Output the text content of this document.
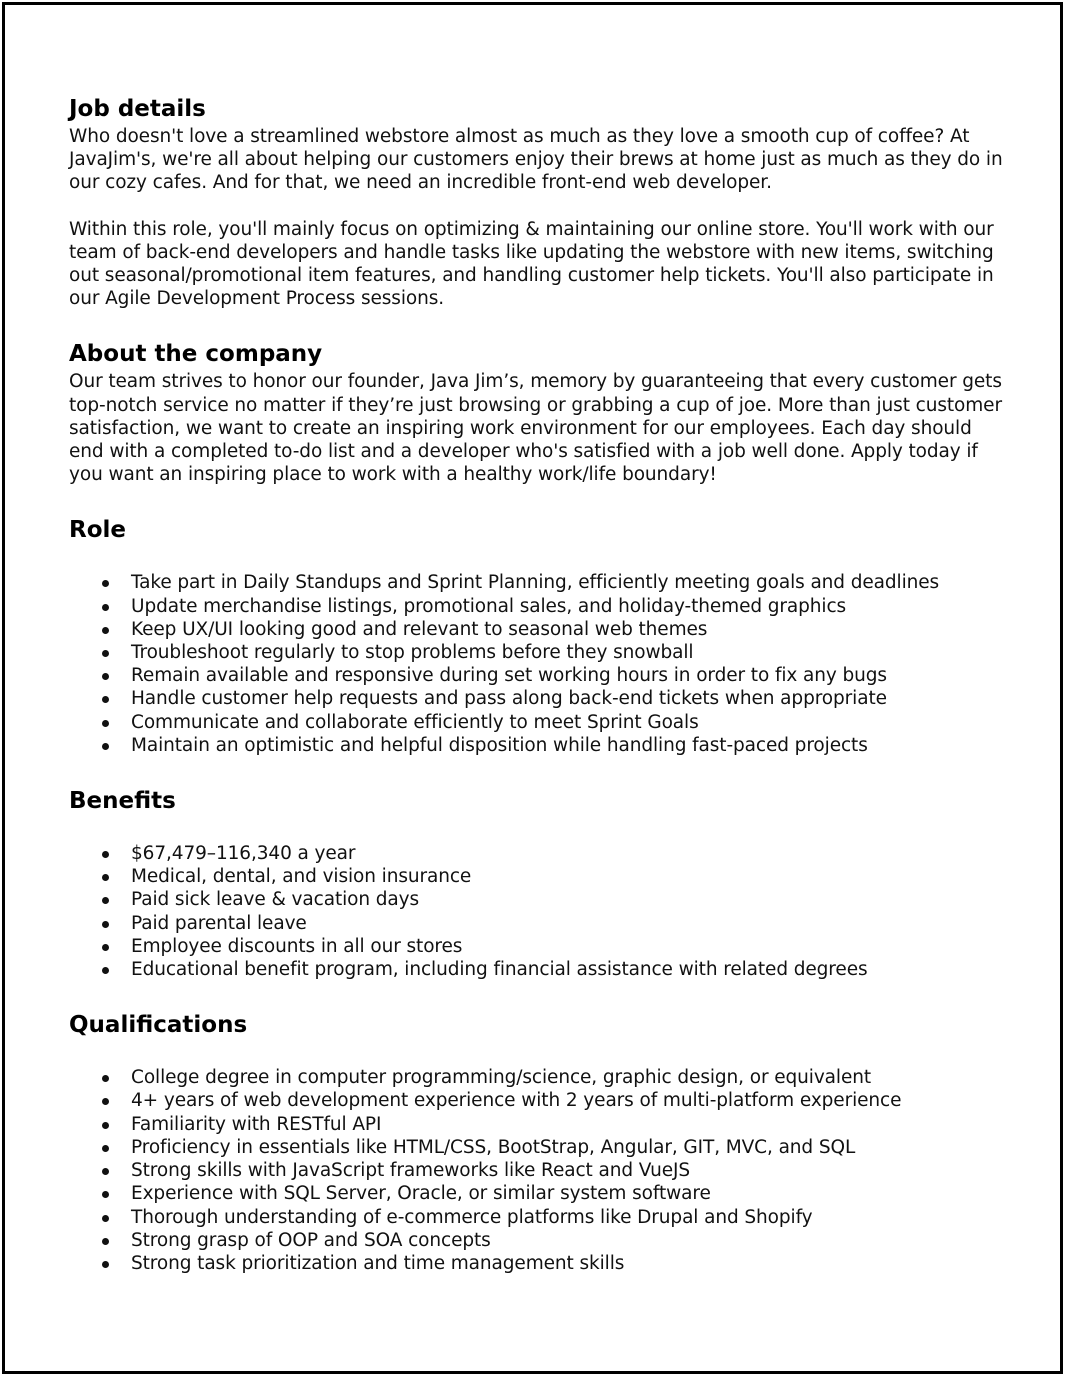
Job details

Who doesn't love a streamlined webstore almost as much as they love a smooth cup of coffee? At JavaJim's, we're all about helping our customers enjoy their brews at home just as much as they do in our cozy cafes. And for that, we need an incredible front-end web developer.

Within this role, you'll mainly focus on optimizing & maintaining our online store. You'll work with our team of back-end developers and handle tasks like updating the webstore with new items, switching out seasonal/promotional item features, and handling customer help tickets. You'll also participate in our Agile Development Process sessions.

About the company

Our team strives to honor our founder, Java Jim’s, memory by guaranteeing that every customer gets top-notch service no matter if they’re just browsing or grabbing a cup of joe. More than just customer satisfaction, we want to create an inspiring work environment for our employees. Each day should end with a completed to-do list and a developer who's satisfied with a job well done. Apply today if you want an inspiring place to work with a healthy work/life boundary!

Role
Take part in Daily Standups and Sprint Planning, efficiently meeting goals and deadlines
Update merchandise listings, promotional sales, and holiday-themed graphics
Keep UX/UI looking good and relevant to seasonal web themes
Troubleshoot regularly to stop problems before they snowball
Remain available and responsive during set working hours in order to fix any bugs
Handle customer help requests and pass along back-end tickets when appropriate
Communicate and collaborate efficiently to meet Sprint Goals
Maintain an optimistic and helpful disposition while handling fast-paced projects
Benefits
$67,479–116,340 a year
Medical, dental, and vision insurance
Paid sick leave & vacation days
Paid parental leave
Employee discounts in all our stores
Educational benefit program, including financial assistance with related degrees
Qualifications
College degree in computer programming/science, graphic design, or equivalent
4+ years of web development experience with 2 years of multi-platform experience
Familiarity with RESTful API
Proficiency in essentials like HTML/CSS, BootStrap, Angular, GIT, MVC, and SQL
Strong skills with JavaScript frameworks like React and VueJS
Experience with SQL Server, Oracle, or similar system software
Thorough understanding of e-commerce platforms like Drupal and Shopify
Strong grasp of OOP and SOA concepts
Strong task prioritization and time management skills
